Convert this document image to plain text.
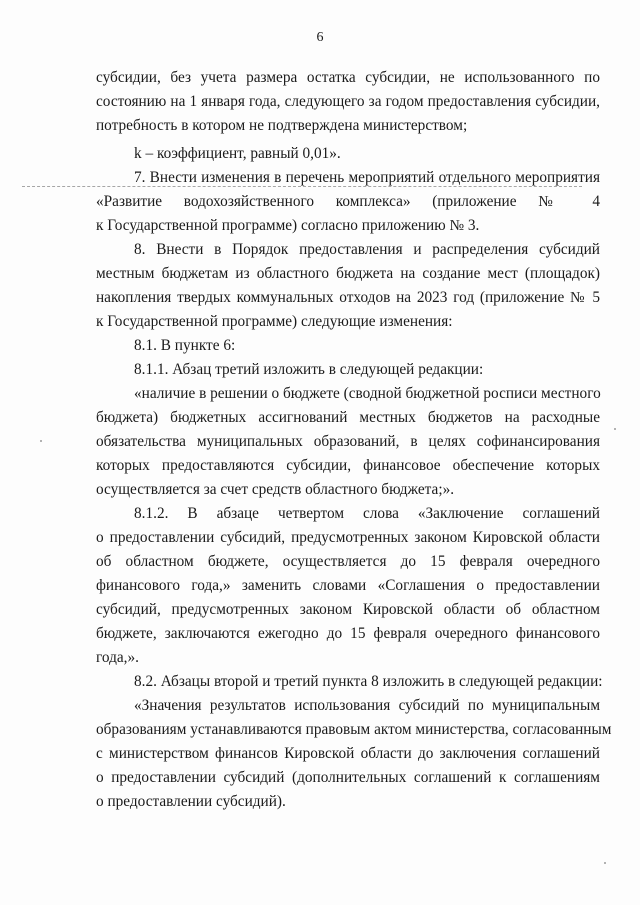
6
субсидии, без учета размера остатка субсидии, не использованного по
состоянию на 1 января года, следующего за годом предоставления субсидии,
потребность в котором не подтверждена министерством;
k – коэффициент, равный 0,01».
7. Внести изменения в перечень мероприятий отдельного мероприятия
«Развитие водохозяйственного комплекса» (приложение № 4
к Государственной программе) согласно приложению № 3.
8. Внести в Порядок предоставления и распределения субсидий
местным бюджетам из областного бюджета на создание мест (площадок)
накопления твердых коммунальных отходов на 2023 год (приложение № 5
к Государственной программе) следующие изменения:
8.1. В пункте 6:
8.1.1. Абзац третий изложить в следующей редакции:
«наличие в решении о бюджете (сводной бюджетной росписи местного
бюджета) бюджетных ассигнований местных бюджетов на расходные
обязательства муниципальных образований, в целях софинансирования
которых предоставляются субсидии, финансовое обеспечение которых
осуществляется за счет средств областного бюджета;».
8.1.2. В абзаце четвертом слова «Заключение соглашений
о предоставлении субсидий, предусмотренных законом Кировской области
об областном бюджете, осуществляется до 15 февраля очередного
финансового года,» заменить словами «Соглашения о предоставлении
субсидий, предусмотренных законом Кировской области об областном
бюджете, заключаются ежегодно до 15 февраля очередного финансового
года,».
8.2. Абзацы второй и третий пункта 8 изложить в следующей редакции:
«Значения результатов использования субсидий по муниципальным
образованиям устанавливаются правовым актом министерства, согласованным
с министерством финансов Кировской области до заключения соглашений
о предоставлении субсидий (дополнительных соглашений к соглашениям
о предоставлении субсидий).
